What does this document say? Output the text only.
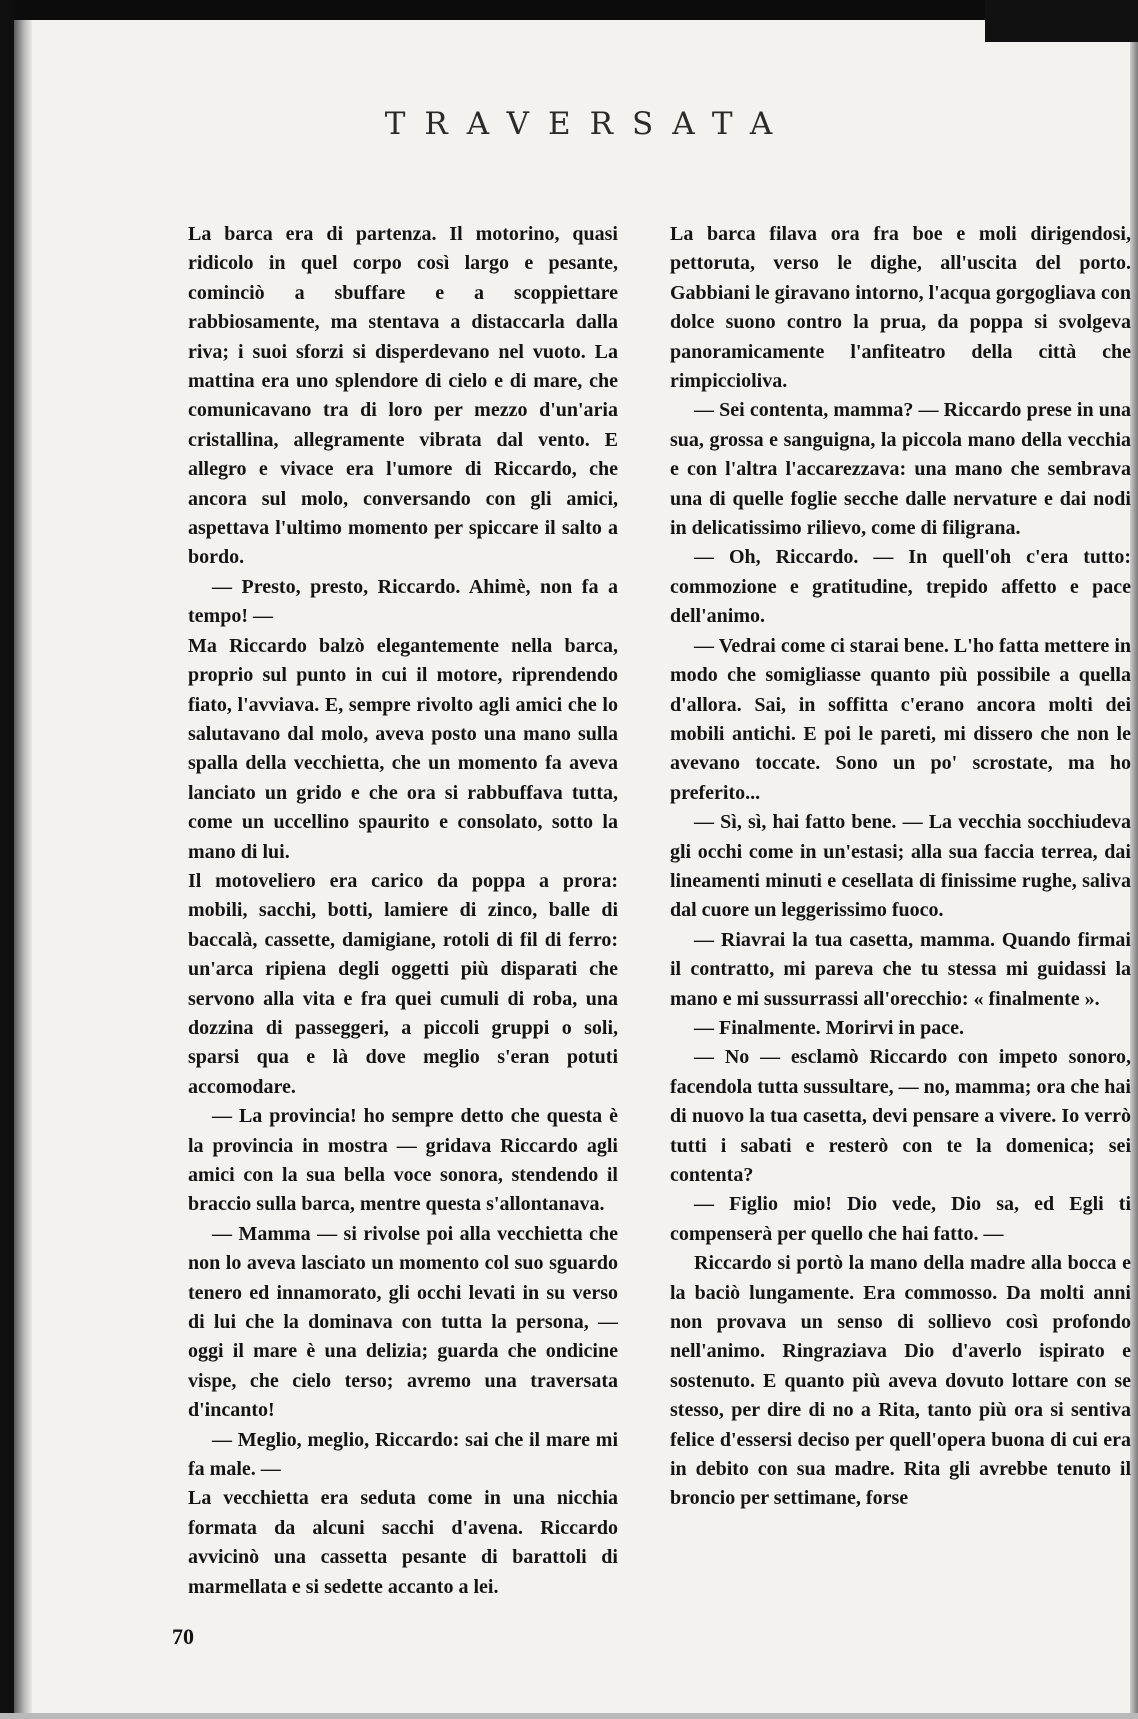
TRAVERSATA

La barca era di partenza. Il motorino, quasi ridicolo in quel corpo così largo e pesante, cominciò a sbuffare e a scoppiettare rabbiosamente, ma stentava a distaccarla dalla riva; i suoi sforzi si disperdevano nel vuoto. La mattina era uno splendore di cielo e di mare, che comunicavano tra di loro per mezzo d'un'aria cristallina, allegramente vibrata dal vento. E allegro e vivace era l'umore di Riccardo, che ancora sul molo, conversando con gli amici, aspettava l'ultimo momento per spiccare il salto a bordo.

— Presto, presto, Riccardo. Ahimè, non fa a tempo! —

Ma Riccardo balzò elegantemente nella barca, proprio sul punto in cui il motore, riprendendo fiato, l'avviava. E, sempre rivolto agli amici che lo salutavano dal molo, aveva posto una mano sulla spalla della vecchietta, che un momento fa aveva lanciato un grido e che ora si rabbuffava tutta, come un uccellino spaurito e consolato, sotto la mano di lui.

Il motoveliero era carico da poppa a prora: mobili, sacchi, botti, lamiere di zinco, balle di baccalà, cassette, damigiane, rotoli di fil di ferro: un'arca ripiena degli oggetti più disparati che servono alla vita e fra quei cumuli di roba, una dozzina di passeggeri, a piccoli gruppi o soli, sparsi qua e là dove meglio s'eran potuti accomodare.

— La provincia! ho sempre detto che questa è la provincia in mostra — gridava Riccardo agli amici con la sua bella voce sonora, stendendo il braccio sulla barca, mentre questa s'allontanava.

— Mamma — si rivolse poi alla vecchietta che non lo aveva lasciato un momento col suo sguardo tenero ed innamorato, gli occhi levati in su verso di lui che la dominava con tutta la persona, — oggi il mare è una delizia; guarda che ondicine vispe, che cielo terso; avremo una traversata d'incanto!

— Meglio, meglio, Riccardo: sai che il mare mi fa male. —

La vecchietta era seduta come in una nicchia formata da alcuni sacchi d'avena. Riccardo avvicinò una cassetta pesante di barattoli di marmellata e si sedette accanto a lei.

La barca filava ora fra boe e moli dirigendosi, pettoruta, verso le dighe, all'uscita del porto. Gabbiani le giravano intorno, l'acqua gorgogliava con dolce suono contro la prua, da poppa si svolgeva panoramicamente l'anfiteatro della città che rimpiccioliva.

— Sei contenta, mamma? — Riccardo prese in una sua, grossa e sanguigna, la piccola mano della vecchia e con l'altra l'accarezzava: una mano che sembrava una di quelle foglie secche dalle nervature e dai nodi in delicatissimo rilievo, come di filigrana.

— Oh, Riccardo. — In quell'oh c'era tutto: commozione e gratitudine, trepido affetto e pace dell'animo.

— Vedrai come ci starai bene. L'ho fatta mettere in modo che somigliasse quanto più possibile a quella d'allora. Sai, in soffitta c'erano ancora molti dei mobili antichi. E poi le pareti, mi dissero che non le avevano toccate. Sono un po' scrostate, ma ho preferito...

— Sì, sì, hai fatto bene. — La vecchia socchiudeva gli occhi come in un'estasi; alla sua faccia terrea, dai lineamenti minuti e cesellata di finissime rughe, saliva dal cuore un leggerissimo fuoco.

— Riavrai la tua casetta, mamma. Quando firmai il contratto, mi pareva che tu stessa mi guidassi la mano e mi sussurrassi all'orecchio: « finalmente ».

— Finalmente. Morirvi in pace.

— No — esclamò Riccardo con impeto sonoro, facendola tutta sussultare, — no, mamma; ora che hai di nuovo la tua casetta, devi pensare a vivere. Io verrò tutti i sabati e resterò con te la domenica; sei contenta?

— Figlio mio! Dio vede, Dio sa, ed Egli ti compenserà per quello che hai fatto. —

Riccardo si portò la mano della madre alla bocca e la baciò lungamente. Era commosso. Da molti anni non provava un senso di sollievo così profondo nell'animo. Ringraziava Dio d'averlo ispirato e sostenuto. E quanto più aveva dovuto lottare con se stesso, per dire di no a Rita, tanto più ora si sentiva felice d'essersi deciso per quell'opera buona di cui era in debito con sua madre. Rita gli avrebbe tenuto il broncio per settimane, forse

70
